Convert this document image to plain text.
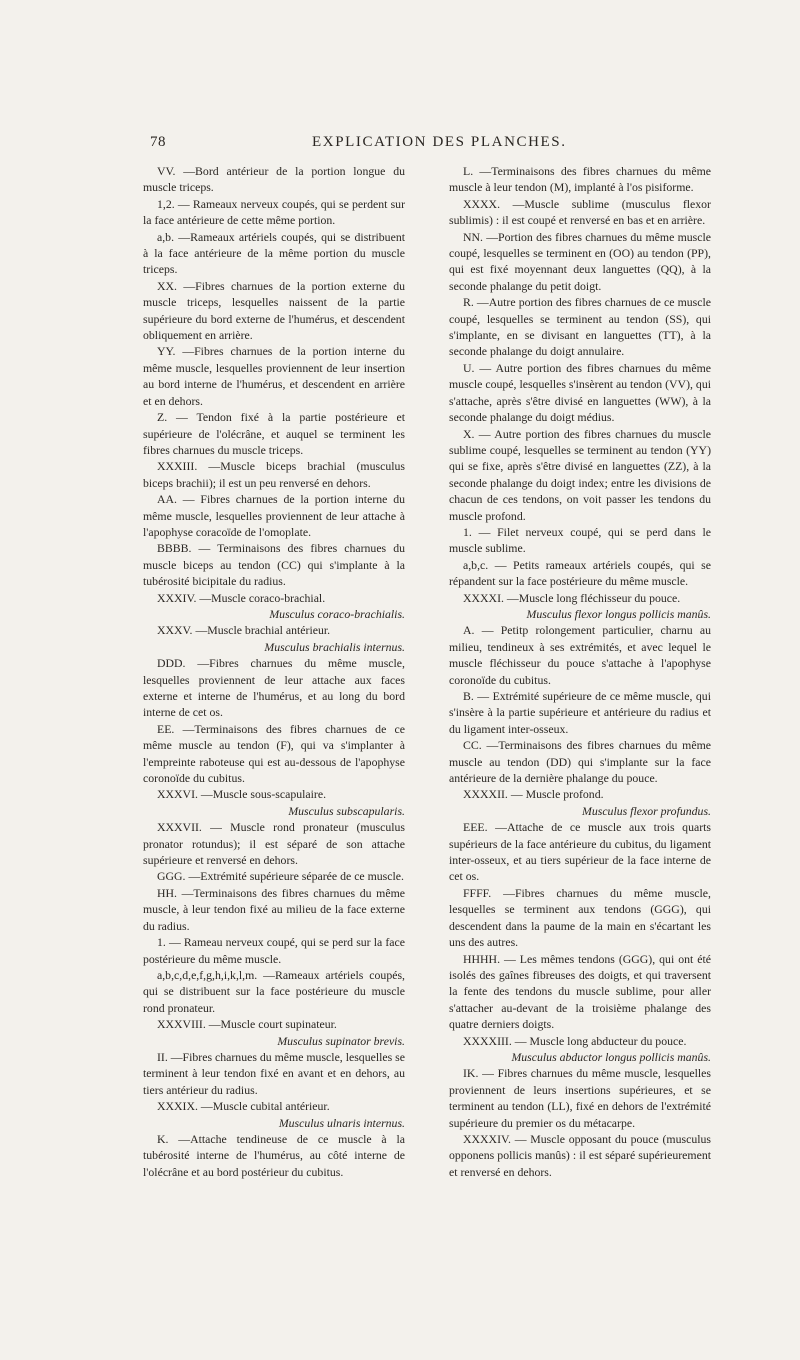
78	EXPLICATION DES PLANCHES.

VV. —Bord antérieur de la portion longue du muscle triceps.

1,2. — Rameaux nerveux coupés, qui se perdent sur la face antérieure de cette même portion.

a,b. —Rameaux artériels coupés, qui se distribuent à la face antérieure de la même portion du muscle triceps.

XX. —Fibres charnues de la portion externe du muscle triceps, lesquelles naissent de la partie supérieure du bord externe de l'humérus, et descendent obliquement en arrière.

YY. —Fibres charnues de la portion interne du même muscle, lesquelles proviennent de leur insertion au bord interne de l'humérus, et descendent en arrière et en dehors.

Z. — Tendon fixé à la partie postérieure et supérieure de l'olécrâne, et auquel se terminent les fibres charnues du muscle triceps.

XXXIII. —Muscle biceps brachial (musculus biceps brachii); il est un peu renversé en dehors.

AA. — Fibres charnues de la portion interne du même muscle, lesquelles proviennent de leur attache à l'apophyse coracoïde de l'omoplate.

BBBB. — Terminaisons des fibres charnues du muscle biceps au tendon (CC) qui s'implante à la tubérosité bicipitale du radius.

XXXIV. —Muscle coraco-brachial.

Musculus coraco-brachialis.

XXXV. —Muscle brachial antérieur.

Musculus brachialis internus.

DDD. —Fibres charnues du même muscle, lesquelles proviennent de leur attache aux faces externe et interne de l'humérus, et au long du bord interne de cet os.

EE. —Terminaisons des fibres charnues de ce même muscle au tendon (F), qui va s'implanter à l'empreinte raboteuse qui est au-dessous de l'apophyse coronoïde du cubitus.

XXXVI. —Muscle sous-scapulaire.

Musculus subscapularis.

XXXVII. — Muscle rond pronateur (musculus pronator rotundus); il est séparé de son attache supérieure et renversé en dehors.

GGG. —Extrémité supérieure séparée de ce muscle.

HH. —Terminaisons des fibres charnues du même muscle, à leur tendon fixé au milieu de la face externe du radius.

1. — Rameau nerveux coupé, qui se perd sur la face postérieure du même muscle.

a,b,c,d,e,f,g,h,i,k,l,m. —Rameaux artériels coupés, qui se distribuent sur la face postérieure du muscle rond pronateur.

XXXVIII. —Muscle court supinateur.

Musculus supinator brevis.

II. —Fibres charnues du même muscle, lesquelles se terminent à leur tendon fixé en avant et en dehors, au tiers antérieur du radius.

XXXIX. —Muscle cubital antérieur.

Musculus ulnaris internus.

K. —Attache tendineuse de ce muscle à la tubérosité interne de l'humérus, au côté interne de l'olécrâne et au bord postérieur du cubitus.

L. —Terminaisons des fibres charnues du même muscle à leur tendon (M), implanté à l'os pisiforme.

XXXX. —Muscle sublime (musculus flexor sublimis) : il est coupé et renversé en bas et en arrière.

NN. —Portion des fibres charnues du même muscle coupé, lesquelles se terminent en (OO) au tendon (PP), qui est fixé moyennant deux languettes (QQ), à la seconde phalange du petit doigt.

R. —Autre portion des fibres charnues de ce muscle coupé, lesquelles se terminent au tendon (SS), qui s'implante, en se divisant en languettes (TT), à la seconde phalange du doigt annulaire.

U. — Autre portion des fibres charnues du même muscle coupé, lesquelles s'insèrent au tendon (VV), qui s'attache, après s'être divisé en languettes (WW), à la seconde phalange du doigt médius.

X. — Autre portion des fibres charnues du muscle sublime coupé, lesquelles se terminent au tendon (YY) qui se fixe, après s'être divisé en languettes (ZZ), à la seconde phalange du doigt index; entre les divisions de chacun de ces tendons, on voit passer les tendons du muscle profond.

1. — Filet nerveux coupé, qui se perd dans le muscle sublime.

a,b,c. — Petits rameaux artériels coupés, qui se répandent sur la face postérieure du même muscle.

XXXXI. —Muscle long fléchisseur du pouce.

Musculus flexor longus pollicis manûs.

A. — Petitp rolongement particulier, charnu au milieu, tendineux à ses extrémités, et avec lequel le muscle fléchisseur du pouce s'attache à l'apophyse coronoïde du cubitus.

B. — Extrémité supérieure de ce même muscle, qui s'insère à la partie supérieure et antérieure du radius et du ligament inter-osseux.

CC. —Terminaisons des fibres charnues du même muscle au tendon (DD) qui s'implante sur la face antérieure de la dernière phalange du pouce.

XXXXII. — Muscle profond.

Musculus flexor profundus.

EEE. —Attache de ce muscle aux trois quarts supérieurs de la face antérieure du cubitus, du ligament inter-osseux, et au tiers supérieur de la face interne de cet os.

FFFF. —Fibres charnues du même muscle, lesquelles se terminent aux tendons (GGG), qui descendent dans la paume de la main en s'écartant les uns des autres.

HHHH. — Les mêmes tendons (GGG), qui ont été isolés des gaînes fibreuses des doigts, et qui traversent la fente des tendons du muscle sublime, pour aller s'attacher au-devant de la troisième phalange des quatre derniers doigts.

XXXXIII. — Muscle long abducteur du pouce.

Musculus abductor longus pollicis manûs.

IK. — Fibres charnues du même muscle, lesquelles proviennent de leurs insertions supérieures, et se terminent au tendon (LL), fixé en dehors de l'extrémité supérieure du premier os du métacarpe.

XXXXIV. — Muscle opposant du pouce (musculus opponens pollicis manûs) : il est séparé supérieurement et renversé en dehors.
